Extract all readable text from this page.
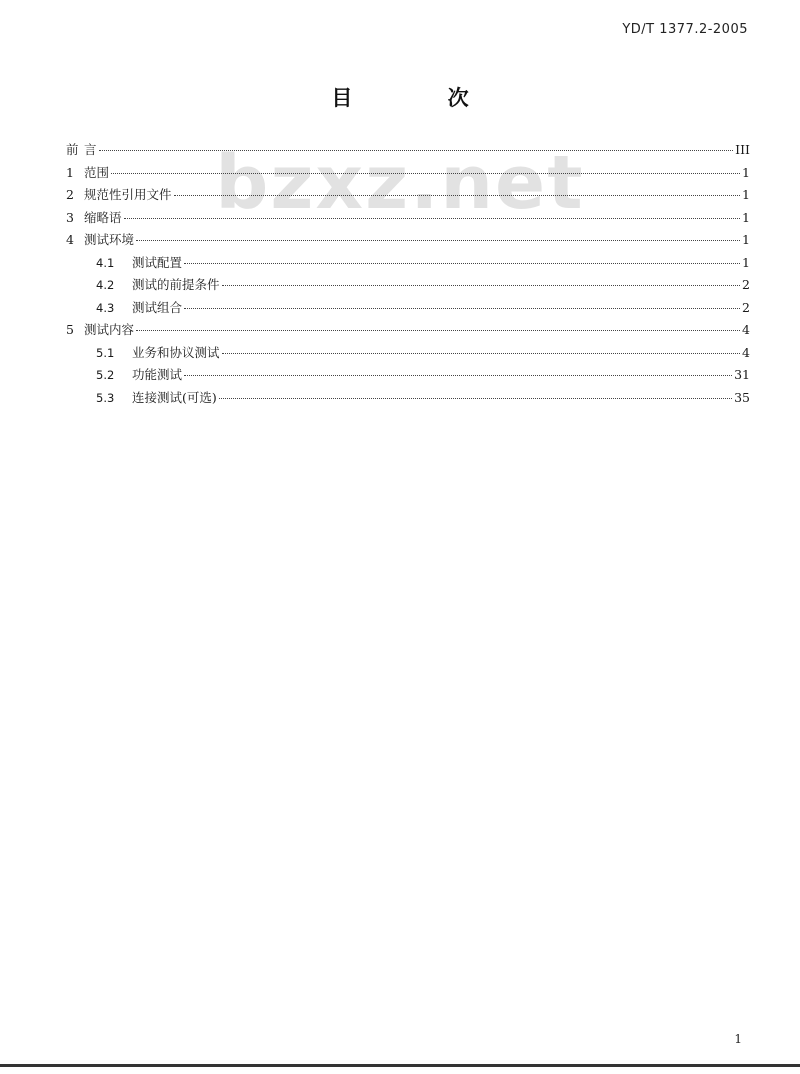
YD/T 1377.2-2005
目 次
bzxz.net
前 言	III
1 范围	1
2 规范性引用文件	1
3 缩略语	1
4 测试环境	1
4.1	测试配置	1
4.2	测试的前提条件	2
4.3	测试组合	2
5 测试内容	4
5.1	业务和协议测试	4
5.2	功能测试	31
5.3	连接测试(可选)	35
1
